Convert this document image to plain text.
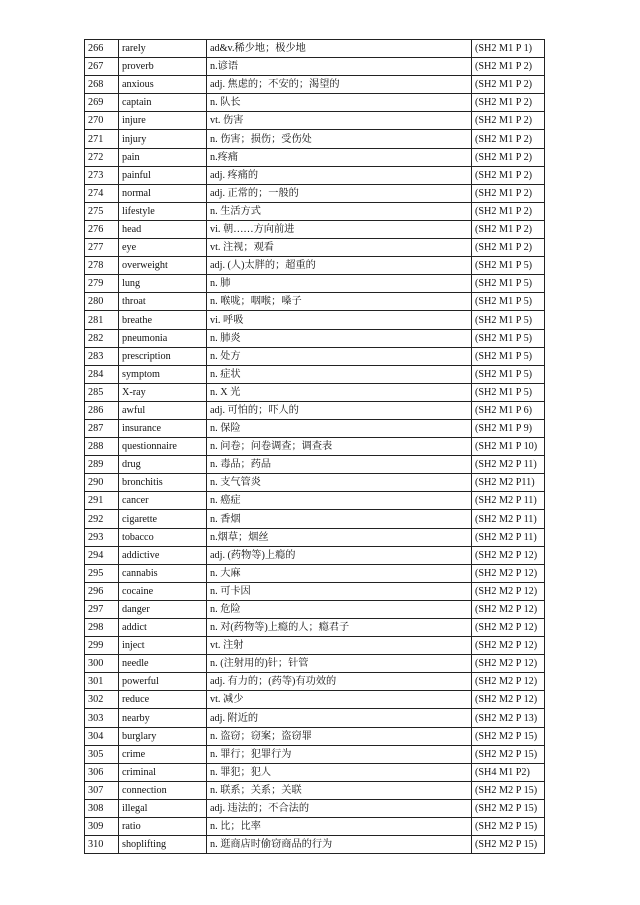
266	rarely	ad&v.稀少地；极少地	(SH2 M1 P 1)
267	proverb	n.谚语	(SH2 M1 P 2)
268	anxious	adj. 焦虑的；不安的；渴望的	(SH2 M1 P 2)
269	captain	n. 队长	(SH2 M1 P 2)
270	injure	vt. 伤害	(SH2 M1 P 2)
271	injury	n. 伤害；损伤；受伤处	(SH2 M1 P 2)
272	pain	n.疼痛	(SH2 M1 P 2)
273	painful	adj. 疼痛的	(SH2 M1 P 2)
274	normal	adj. 正常的；一般的	(SH2 M1 P 2)
275	lifestyle	n. 生活方式	(SH2 M1 P 2)
276	head	vi. 朝……方向前进	(SH2 M1 P 2)
277	eye	vt. 注视；观看	(SH2 M1 P 2)
278	overweight	adj. (人)太胖的；超重的	(SH2 M1 P 5)
279	lung	n. 肺	(SH2 M1 P 5)
280	throat	n. 喉咙；咽喉；嗓子	(SH2 M1 P 5)
281	breathe	vi. 呼吸	(SH2 M1 P 5)
282	pneumonia	n. 肺炎	(SH2 M1 P 5)
283	prescription	n. 处方	(SH2 M1 P 5)
284	symptom	n. 症状	(SH2 M1 P 5)
285	X-ray	n. X 光	(SH2 M1 P 5)
286	awful	adj. 可怕的；吓人的	(SH2 M1 P 6)
287	insurance	n. 保险	(SH2 M1 P 9)
288	questionnaire	n. 问卷；问卷调查；调查表	(SH2 M1 P 10)
289	drug	n. 毒品；药品	(SH2 M2 P 11)
290	bronchitis	n. 支气管炎	(SH2 M2 P11)
291	cancer	n. 癌症	(SH2 M2 P 11)
292	cigarette	n. 香烟	(SH2 M2 P 11)
293	tobacco	n.烟草；烟丝	(SH2 M2 P 11)
294	addictive	adj. (药物等)上瘾的	(SH2 M2 P 12)
295	cannabis	n. 大麻	(SH2 M2 P 12)
296	cocaine	n. 可卡因	(SH2 M2 P 12)
297	danger	n. 危险	(SH2 M2 P 12)
298	addict	n. 对(药物等)上瘾的人；瘾君子	(SH2 M2 P 12)
299	inject	vt. 注射	(SH2 M2 P 12)
300	needle	n. (注射用的)针；针管	(SH2 M2 P 12)
301	powerful	adj. 有力的；(药等)有功效的	(SH2 M2 P 12)
302	reduce	vt. 减少	(SH2 M2 P 12)
303	nearby	adj. 附近的	(SH2 M2 P 13)
304	burglary	n. 盗窃；窃案；盗窃罪	(SH2 M2 P 15)
305	crime	n. 罪行；犯罪行为	(SH2 M2 P 15)
306	criminal	n. 罪犯；犯人	(SH4 M1 P2)
307	connection	n. 联系；关系；关联	(SH2 M2 P 15)
308	illegal	adj. 违法的；不合法的	(SH2 M2 P 15)
309	ratio	n. 比；比率	(SH2 M2 P 15)
310	shoplifting	n. 逛商店时偷窃商品的行为	(SH2 M2 P 15)
